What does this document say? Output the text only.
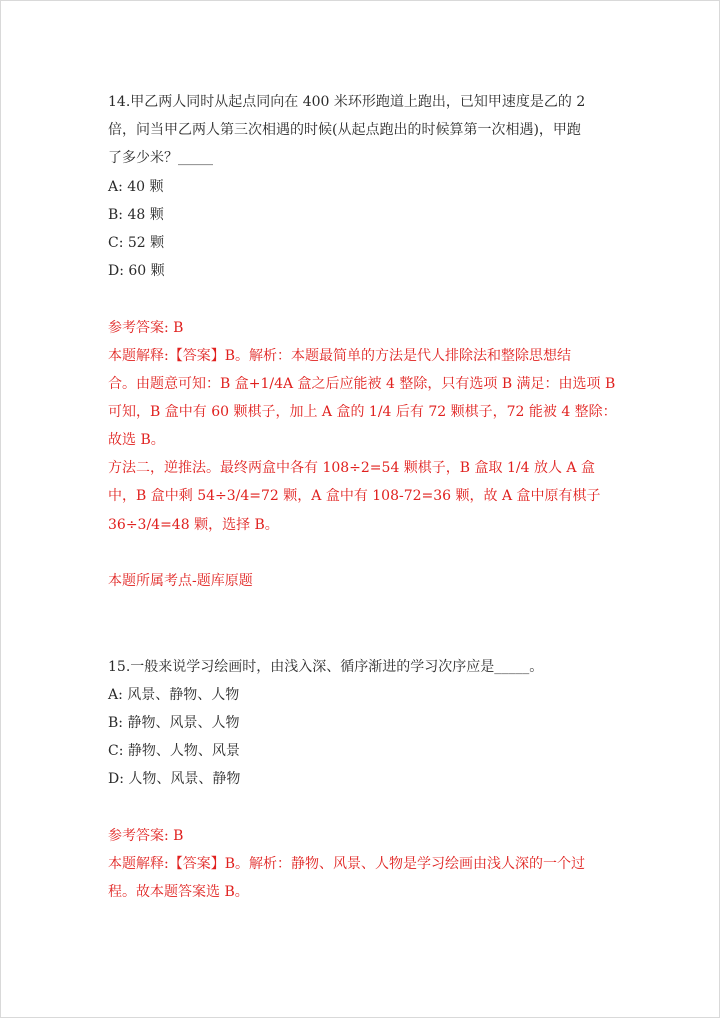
14.甲乙两人同时从起点同向在 400 米环形跑道上跑出，已知甲速度是乙的 2

倍，问当甲乙两人第三次相遇的时候(从起点跑出的时候算第一次相遇)，甲跑

了多少米？_____

A: 40 颗

B: 48 颗

C: 52 颗

D: 60 颗

参考答案: B

本题解释:【答案】B。解析：本题最简单的方法是代人排除法和整除思想结

合。由题意可知：B 盒+1/4A 盒之后应能被 4 整除，只有选项 B 满足：由选项 B

可知，B 盒中有 60 颗棋子，加上 A 盒的 1/4 后有 72 颗棋子，72 能被 4 整除：

故选 B。

方法二，逆推法。最终两盒中各有 108÷2=54 颗棋子，B 盒取 1/4 放人 A 盒

中，B 盒中剩 54÷3/4=72 颗，A 盒中有 108-72=36 颗，故 A 盒中原有棋子

36÷3/4=48 颗，选择 B。

本题所属考点-题库原题

15.一般来说学习绘画时，由浅入深、循序渐进的学习次序应是_____。

A: 风景、静物、人物

B: 静物、风景、人物

C: 静物、人物、风景

D: 人物、风景、静物

参考答案: B

本题解释:【答案】B。解析：静物、风景、人物是学习绘画由浅人深的一个过

程。故本题答案选 B。
